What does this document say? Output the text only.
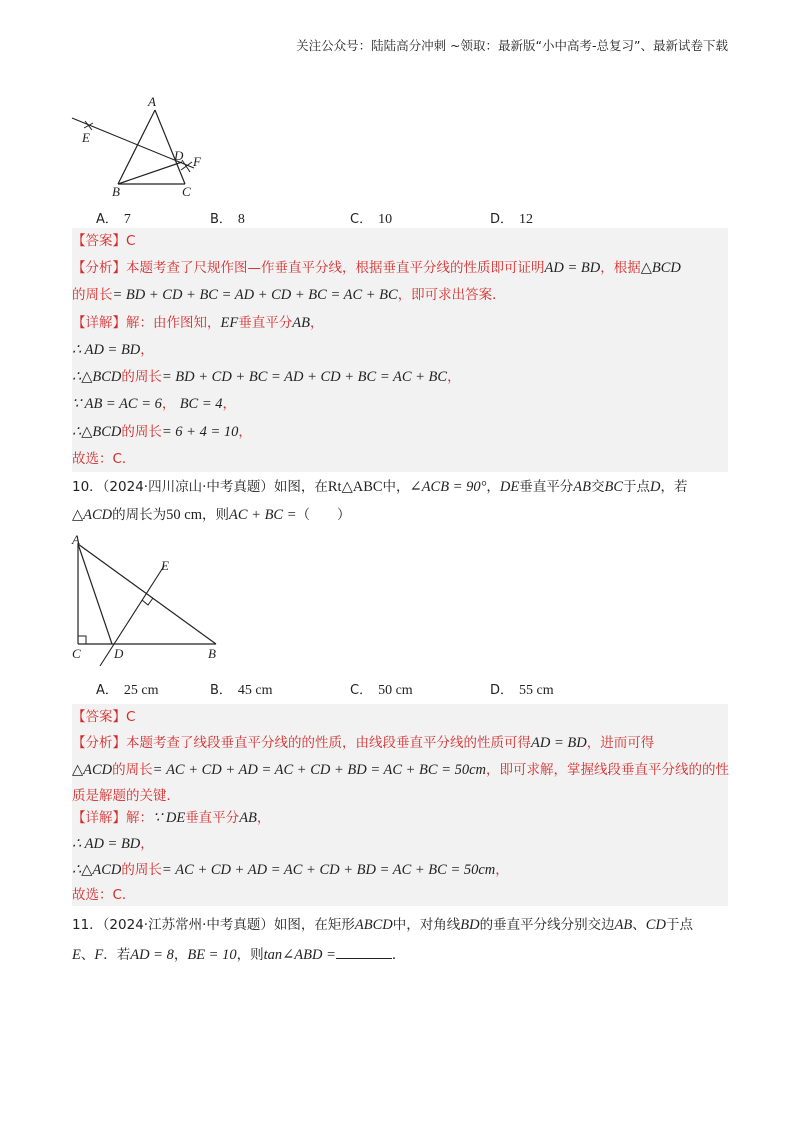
关注公众号：陆陆高分冲刺 ~领取：最新版“小中高考-总复习”、最新试卷下载
A
E
D F
B	C
A． 7	B． 8	C． 10	D． 12
【答案】C
【分析】本题考查了尺规作图—作垂直平分线，根据垂直平分线的性质即可证明AD = BD，根据△BCD
的周长= BD + CD + BC = AD + CD + BC = AC + BC，即可求出答案．
【详解】解：由作图知，EF垂直平分AB，
∴ AD = BD，
∴△BCD的周长= BD + CD + BC = AD + CD + BC = AC + BC，
∵ AB = AC = 6， BC = 4，
∴△BCD的周长= 6 + 4 = 10，
故选：C．
10．（2024·四川凉山·中考真题）如图，在Rt△ABC中，∠ACB = 90°，DE垂直平分AB交BC于点D，若
△ACD的周长为50 cm，则AC + BC =（　　）
A
E
C	D	B
A． 25 cm	B． 45 cm	C． 50 cm	D． 55 cm
【答案】C
【分析】本题考查了线段垂直平分线的的性质，由线段垂直平分线的性质可得AD = BD，进而可得
△ACD的周长= AC + CD + AD = AC + CD + BD = AC + BC = 50cm，即可求解，掌握线段垂直平分线的的性
质是解题的关键．
【详解】解：∵ DE垂直平分AB，
∴ AD = BD，
∴△ACD的周长= AC + CD + AD = AC + CD + BD = AC + BC = 50cm，
故选：C．
11．（2024·江苏常州·中考真题）如图，在矩形ABCD中，对角线BD的垂直平分线分别交边AB、CD于点
E、F．若AD = 8，BE = 10，则tan∠ABD =	．
